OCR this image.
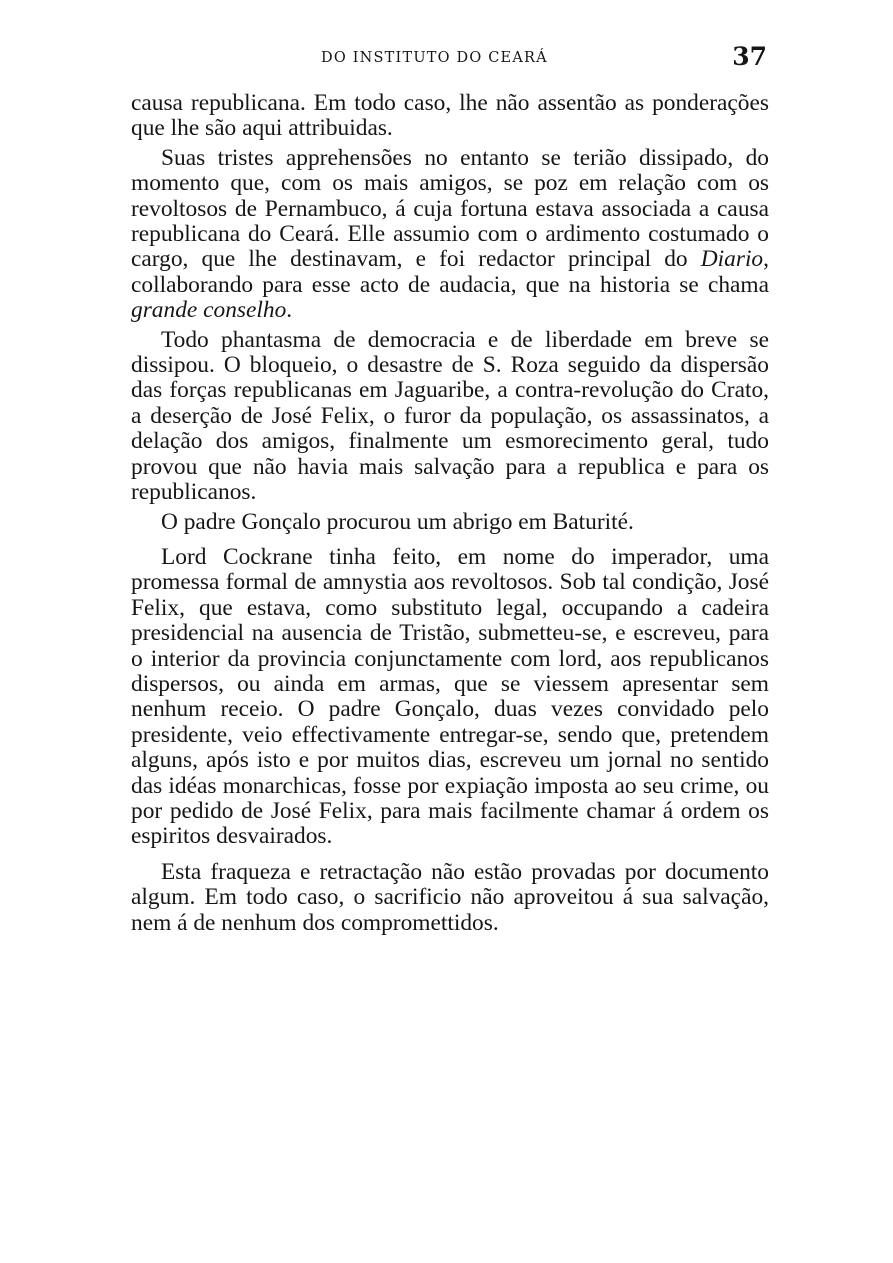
DO INSTITUTO DO CEARÁ	37

causa republicana. Em todo caso, lhe não assentão as ponderações que lhe são aqui attribuidas.

Suas tristes apprehensões no entanto se terião dissipado, do momento que, com os mais amigos, se poz em relação com os revoltosos de Pernambuco, á cuja fortuna estava associada a causa republicana do Ceará. Elle assumio com o ardimento costumado o cargo, que lhe destinavam, e foi redactor principal do Diario, collaborando para esse acto de audacia, que na historia se chama grande conselho.

Todo phantasma de democracia e de liberdade em breve se dissipou. O bloqueio, o desastre de S. Roza seguido da dispersão das forças republicanas em Jaguaribe, a contra-revolução do Crato, a deserção de José Felix, o furor da população, os assassinatos, a delação dos amigos, finalmente um esmorecimento geral, tudo provou que não havia mais salvação para a republica e para os republicanos.

O padre Gonçalo procurou um abrigo em Baturité.

Lord Cockrane tinha feito, em nome do imperador, uma promessa formal de amnystia aos revoltosos. Sob tal condição, José Felix, que estava, como substituto legal, occupando a cadeira presidencial na ausencia de Tristão, submetteu-se, e escreveu, para o interior da provincia conjunctamente com lord, aos republicanos dispersos, ou ainda em armas, que se viessem apresentar sem nenhum receio. O padre Gonçalo, duas vezes convidado pelo presidente, veio effectivamente entregar-se, sendo que, pretendem alguns, após isto e por muitos dias, escreveu um jornal no sentido das idéas monarchicas, fosse por expiação imposta ao seu crime, ou por pedido de José Felix, para mais facilmente chamar á ordem os espiritos desvairados.

Esta fraqueza e retractação não estão provadas por documento algum. Em todo caso, o sacrificio não aproveitou á sua salvação, nem á de nenhum dos compromettidos.
